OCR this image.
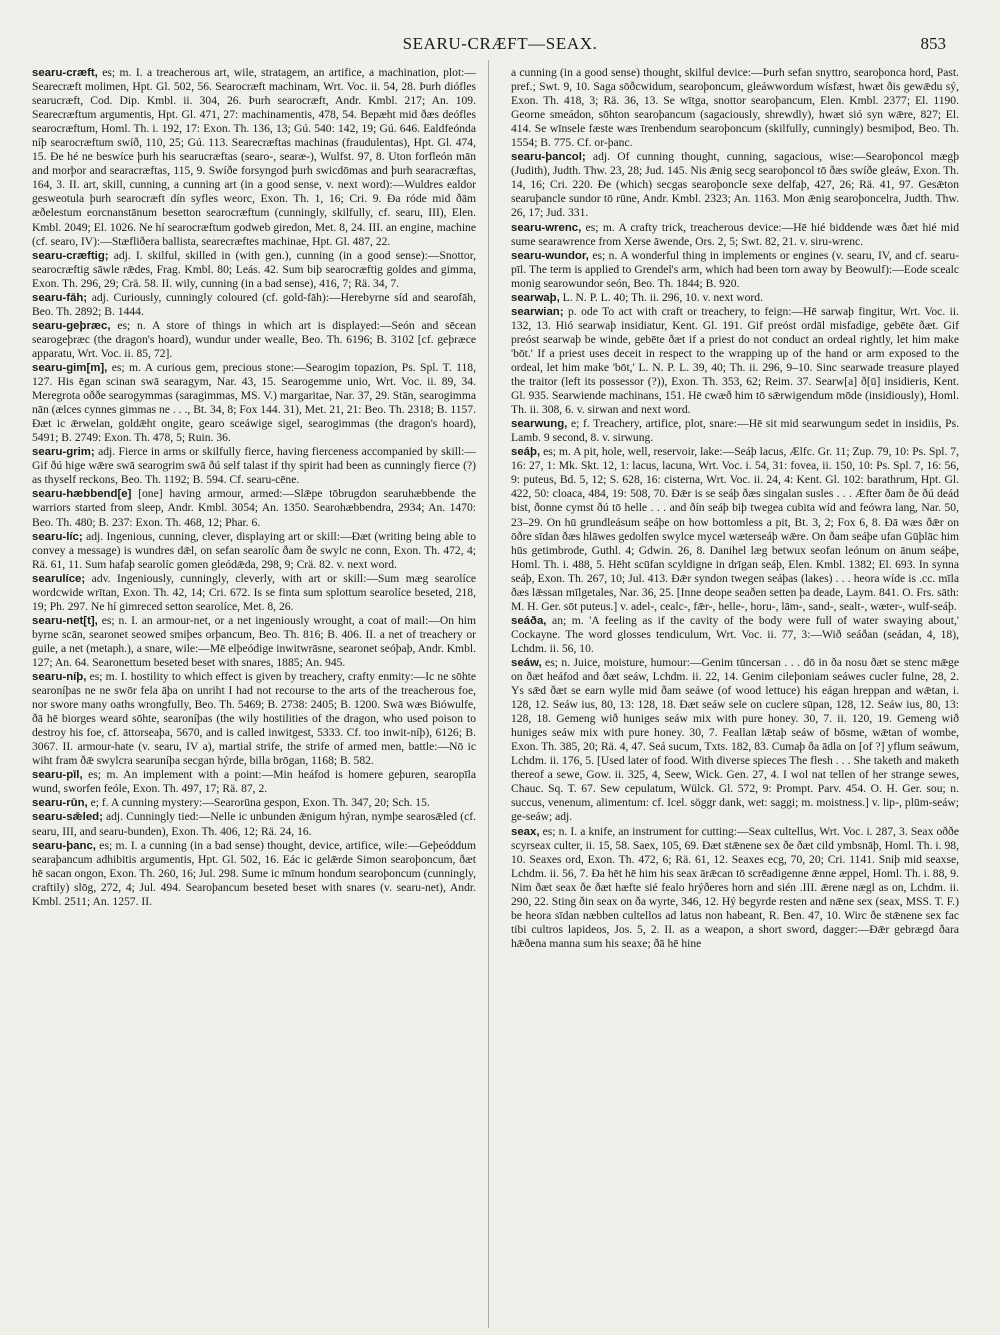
SEARU-CRÆFT—SEAX.	853

searu-cræft, es; m. I. a treacherous art, wile, stratagem, an artifice, a machination, plot:—Searecræft molimen, Hpt. Gl. 502, 56. Searocræft machinam, Wrt. Voc. ii. 54, 28. Þurh diófles searucræft, Cod. Dip. Kmbl. ii. 304, 26. Þurh searocræft, Andr. Kmbl. 217; An. 109. Searecræftum argumentis, Hpt. Gl. 471, 27: machinamentis, 478, 54. Bepæht mid ðæs deófles searocræftum, Homl. Th. i. 192, 17: Exon. Th. 136, 13; Gú. 540: 142, 19; Gú. 646. Ealdfeónda níþ searocræftum swíð, 110, 25; Gú. 113. Searecræftas machinas (fraudulentas), Hpt. Gl. 474, 15. Ðe hé ne beswíce þurh his searucræftas (searo-, searæ-), Wulfst. 97, 8. Uton forfleón mān and morþor and searacræftas, 115, 9. Swíðe forsyngod þurh swicdōmas and þurh searacræftas, 164, 3. II. art, skill, cunning, a cunning art (in a good sense, v. next word):—Wuldres ealdor gesweotula þurh searocræft dín syfles weorc, Exon. Th. 1, 16; Cri. 9. Ða róde mid ðām æðelestum eorcnanstānum besetton searocræftum (cunningly, skilfully, cf. searu, III), Elen. Kmbl. 2049; El. 1026. Ne hí searocræftum godweb giredon, Met. 8, 24. III. an engine, machine (cf. searo, IV):—Stæfliðera ballista, searecræftes machinae, Hpt. Gl. 487, 22.

searu-cræftig; adj. I. skilful, skilled in (with gen.), cunning (in a good sense):—Snottor, searocræftig sāwle rǣdes, Frag. Kmbl. 80; Leás. 42. Sum biþ searocræftig goldes and gimma, Exon. Th. 296, 29; Crä. 58. II. wily, cunning (in a bad sense), 416, 7; Rä. 34, 7.

searu-fāh; adj. Curiously, cunningly coloured (cf. gold-fāh):—Herebyrne síd and searofāh, Beo. Th. 2892; B. 1444.

searu-geþræc, es; n. A store of things in which art is displayed:—Seón and sēcean searogeþræc (the dragon's hoard), wundur under wealle, Beo. Th. 6196; B. 3102 [cf. geþræce apparatu, Wrt. Voc. ii. 85, 72].

searu-gim[m], es; m. A curious gem, precious stone:—Searogim topazion, Ps. Spl. T. 118, 127. His ēgan scinan swā searagym, Nar. 43, 15. Searogemme unio, Wrt. Voc. ii. 89, 34. Meregrota oððe searogymmas (saragimmas, MS. V.) margaritae, Nar. 37, 29. Stān, searogimma nān (ælces cynnes gimmas ne . . ., Bt. 34, 8; Fox 144. 31), Met. 21, 21: Beo. Th. 2318; B. 1157. Ðæt ic ǣrwelan, goldǣht ongite, gearo sceáwige sigel, searogimmas (the dragon's hoard), 5491; B. 2749: Exon. Th. 478, 5; Ruin. 36.

searu-grim; adj. Fierce in arms or skilfully fierce, having fierceness accompanied by skill:—Gif ðú hige wǣre swā searogrim swā ðú self talast if thy spirit had been as cunningly fierce (?) as thyself reckons, Beo. Th. 1192; B. 594. Cf. searu-cēne.

searu-hæbbend[e] [one] having armour, armed:—Slǣpe tōbrugdon searuhæbbende the warriors started from sleep, Andr. Kmbl. 3054; An. 1350. Searohæbbendra, 2934; An. 1470: Beo. Th. 480; B. 237: Exon. Th. 468, 12; Phar. 6.

searu-líc; adj. Ingenious, cunning, clever, displaying art or skill:—Ðæt (writing being able to convey a message) is wundres dǣl, on sefan searolíc ðam ðe swylc ne conn, Exon. Th. 472, 4; Rä. 61, 11. Sum hafaþ searolíc gomen gleódǣda, 298, 9; Crä. 82. v. next word.

searulíce; adv. Ingeniously, cunningly, cleverly, with art or skill:—Sum mæg searolíce wordcwide wrītan, Exon. Th. 42, 14; Cri. 672. Is se finta sum splottum searolíce beseted, 218, 19; Ph. 297. Ne hí gimreced setton searolíce, Met. 8, 26.

searu-net[t], es; n. I. an armour-net, or a net ingeniously wrought, a coat of mail:—On him byrne scān, searonet seowed smiþes orþancum, Beo. Th. 816; B. 406. II. a net of treachery or guile, a net (metaph.), a snare, wile:—Mē elþeódige inwitwrāsne, searonet seóþaþ, Andr. Kmbl. 127; An. 64. Searonettum beseted beset with snares, 1885; An. 945.

searu-níþ, es; m. I. hostility to which effect is given by treachery, crafty enmity:—Ic ne sōhte searoníþas ne ne swōr fela āþa on unriht I had not recourse to the arts of the treacherous foe, nor swore many oaths wrongfully, Beo. Th. 5469; B. 2738: 2405; B. 1200. Swā wæs Biówulfe, ðā hē biorges weard sōhte, searoníþas (the wily hostilities of the dragon, who used poison to destroy his foe, cf. āttorseaþa, 5670, and is called inwitgest, 5333. Cf. too inwit-níþ), 6126; B. 3067. II. armour-hate (v. searu, IV a), martial strife, the strife of armed men, battle:—Nō ic wiht fram ðǣ swylcra searuníþa secgan hýrde, billa brōgan, 1168; B. 582.

searu-pīl, es; m. An implement with a point:—Min heáfod is homere geþuren, searopīla wund, sworfen feóle, Exon. Th. 497, 17; Rä. 87, 2.

searu-rūn, e; f. A cunning mystery:—Searorūna gespon, Exon. Th. 347, 20; Sch. 15.

searu-sǣled; adj. Cunningly tied:—Nelle ic unbunden ǣnigum hýran, nymþe searosǣled (cf. searu, III, and searu-bunden), Exon. Th. 406, 12; Rä. 24, 16.

searu-þanc, es; m. I. a cunning (in a bad sense) thought, device, artifice, wile:—Geþeóddum searaþancum adhibitis argumentis, Hpt. Gl. 502, 16. Eác ic gelǣrde Simon searoþoncum, ðæt hē sacan ongon, Exon. Th. 260, 16; Jul. 298. Sume ic mīnum hondum searoþoncum (cunningly, craftily) slōg, 272, 4; Jul. 494. Searoþancum beseted beset with snares (v. searu-net), Andr. Kmbl. 2511; An. 1257. II.

a cunning (in a good sense) thought, skilful device:—Þurh sefan snyttro, searoþonca hord, Past. pref.; Swt. 9, 10. Saga sōðcwidum, searoþoncum, gleáwwordum wísfæst, hwæt ðis gewǣdu sý, Exon. Th. 418, 3; Rä. 36, 13. Se wītga, snottor searoþancum, Elen. Kmbl. 2377; El. 1190. Georne smeádon, sōhton searoþancum (sagaciously, shrewdly), hwæt sió syn wǣre, 827; El. 414. Se wīnsele fæste wæs īrenbendum searoþoncum (skilfully, cunningly) besmiþod, Beo. Th. 1554; B. 775. Cf. or-þanc.

searu-þancol; adj. Of cunning thought, cunning, sagacious, wise:—Searoþoncol mægþ (Judith), Judth. Thw. 23, 28; Jud. 145. Nis ǣnig secg searoþoncol tō ðæs swíðe gleáw, Exon. Th. 14, 16; Cri. 220. Ðe (which) secgas searoþoncle sexe delfaþ, 427, 26; Rä. 41, 97. Gesǣton searuþancle sundor tō rūne, Andr. Kmbl. 2323; An. 1163. Mon ǣnig searoþoncelra, Judth. Thw. 26, 17; Jud. 331.

searu-wrenc, es; m. A crafty trick, treacherous device:—Hē hié biddende wæs ðæt hié mid sume searawrence from Xerse āwende, Ors. 2, 5; Swt. 82, 21. v. siru-wrenc.

searu-wundor, es; n. A wonderful thing in implements or engines (v. searu, IV, and cf. searu-pīl. The term is applied to Grendel's arm, which had been torn away by Beowulf):—Eode scealc monig searowundor seón, Beo. Th. 1844; B. 920.

searwaþ, L. N. P. L. 40; Th. ii. 296, 10. v. next word.

searwian; p. ode To act with craft or treachery, to feign:—Hē sarwaþ fingitur, Wrt. Voc. ii. 132, 13. Hió searwaþ insidiatur, Kent. Gl. 191. Gif preóst ordāl misfadige, gebēte ðæt. Gif preóst searwaþ be winde, gebēte ðæt if a priest do not conduct an ordeal rightly, let him make 'bōt.' If a priest uses deceit in respect to the wrapping up of the hand or arm exposed to the ordeal, let him make 'bōt,' L. N. P. L. 39, 40; Th. ii. 296, 9–10. Sinc searwade treasure played the traitor (left its possessor (?)), Exon. Th. 353, 62; Reim. 37. Searw[a] ð[ū] insidieris, Kent. Gl. 935. Searwiende machinans, 151. Hē cwæð him tō sǣrwigendum mōde (insidiously), Homl. Th. ii. 308, 6. v. sirwan and next word.

searwung, e; f. Treachery, artifice, plot, snare:—Hē sit mid searwungum sedet in insidiis, Ps. Lamb. 9 second, 8. v. sirwung.

seáþ, es; m. A pit, hole, well, reservoir, lake:—Seáþ lacus, Ælfc. Gr. 11; Zup. 79, 10: Ps. Spl. 7, 16: 27, 1: Mk. Skt. 12, 1: lacus, lacuna, Wrt. Voc. i. 54, 31: fovea, ii. 150, 10: Ps. Spl. 7, 16: 56, 9: puteus, Bd. 5, 12; S. 628, 16: cisterna, Wrt. Voc. ii. 24, 4: Kent. Gl. 102: barathrum, Hpt. Gl. 422, 50: cloaca, 484, 19: 508, 70. Ðǣr is se seáþ ðæs singalan susles . . . Æfter ðam ðe ðú deád bist, ðonne cymst ðú tō helle . . . and ðín seáþ biþ twegea cubita wíd and feówra lang, Nar. 50, 23–29. On hū grundleásum seáþe on how bottomless a pit, Bt. 3, 2; Fox 6, 8. Ðā wæs ðǣr on ōðre sīdan ðæs hlāwes gedolfen swylce mycel wæterseáþ wǣre. On ðam seáþe ufan Gūþlāc him hūs getimbrode, Guthl. 4; Gdwin. 26, 8. Danihel læg betwux seofan leónum on ānum seáþe, Homl. Th. i. 488, 5. Hēht scūfan scyldigne in drīgan seáþ, Elen. Kmbl. 1382; El. 693. In synna seáþ, Exon. Th. 267, 10; Jul. 413. Ðǣr syndon twegen seáþas (lakes) . . . heora wíde is .cc. mīla ðæs lǣssan mīlgetales, Nar. 36, 25. [Inne deope seaðen setten þa deade, Laym. 841. O. Frs. sāth: M. H. Ger. sōt puteus.] v. adel-, cealc-, fǣr-, helle-, horu-, lām-, sand-, sealt-, wæter-, wulf-seáþ.

seáða, an; m. 'A feeling as if the cavity of the body were full of water swaying about,' Cockayne. The word glosses tendiculum, Wrt. Voc. ii. 77, 3:—Wið seáðan (seádan, 4, 18), Lchdm. ii. 56, 10.

seáw, es; n. Juice, moisture, humour:—Genim tūncersan . . . dō in ða nosu ðæt se stenc mǣge on ðæt heáfod and ðæt seáw, Lchdm. ii. 22, 14. Genim cileþoniam seáwes cucler fulne, 28, 2. Ys sǣd ðæt se earn wylle mid ðam seáwe (of wood lettuce) his eágan hreppan and wǣtan, i. 128, 12. Seáw ius, 80, 13: 128, 18. Ðæt seáw sele on cuclere sūpan, 128, 12. Seáw ius, 80, 13: 128, 18. Gemeng wið huniges seáw mix with pure honey. 30, 7. ii. 120, 19. Gemeng wið huniges seáw mix with pure honey. 30, 7. Feallan lǣtaþ seáw of bōsme, wǣtan of wombe, Exon. Th. 385, 20; Rä. 4, 47. Seá sucum, Txts. 182, 83. Cumaþ ða ādla on [of ?] yflum seáwum, Lchdm. ii. 176, 5. [Used later of food. With diverse spieces The flesh . . . She taketh and maketh thereof a sewe, Gow. ii. 325, 4, Seew, Wick. Gen. 27, 4. I wol nat tellen of her strange sewes, Chauc. Sq. T. 67. Sew cepulatum, Wülck. Gl. 572, 9: Prompt. Parv. 454. O. H. Ger. sou; n. succus, venenum, alimentum: cf. Icel. söggr dank, wet: saggi; m. moistness.] v. lip-, plūm-seáw; ge-seáw; adj.

seax, es; n. I. a knife, an instrument for cutting:—Seax cultellus, Wrt. Voc. i. 287, 3. Seax oððe scyrseax culter, ii. 15, 58. Saex, 105, 69. Ðæt stǣnene sex ðe ðæt cild ymbsnāþ, Homl. Th. i. 98, 10. Seaxes ord, Exon. Th. 472, 6; Rä. 61, 12. Seaxes ecg, 70, 20; Cri. 1141. Sniþ mid seaxse, Lchdm. ii. 56, 7. Ða hēt hē him his seax ārǣcan tō scrēadigenne ǣnne æppel, Homl. Th. i. 88, 9. Nim ðæt seax ðe ðæt hæfte sié fealo hrýðeres horn and sién .III. ǣrene nægl as on, Lchdm. ii. 290, 22. Sting ðin seax on ða wyrte, 346, 12. Hý begyrde resten and nǣne sex (seax, MSS. T. F.) be heora sīdan næbben cultellos ad latus non habeant, R. Ben. 47, 10. Wirc ðe stǣnene sex fac tibi cultros lapideos, Jos. 5, 2. II. as a weapon, a short sword, dagger:—Ðǣr gebrægd ðara hǣðena manna sum his seaxe; ðā hē hine
